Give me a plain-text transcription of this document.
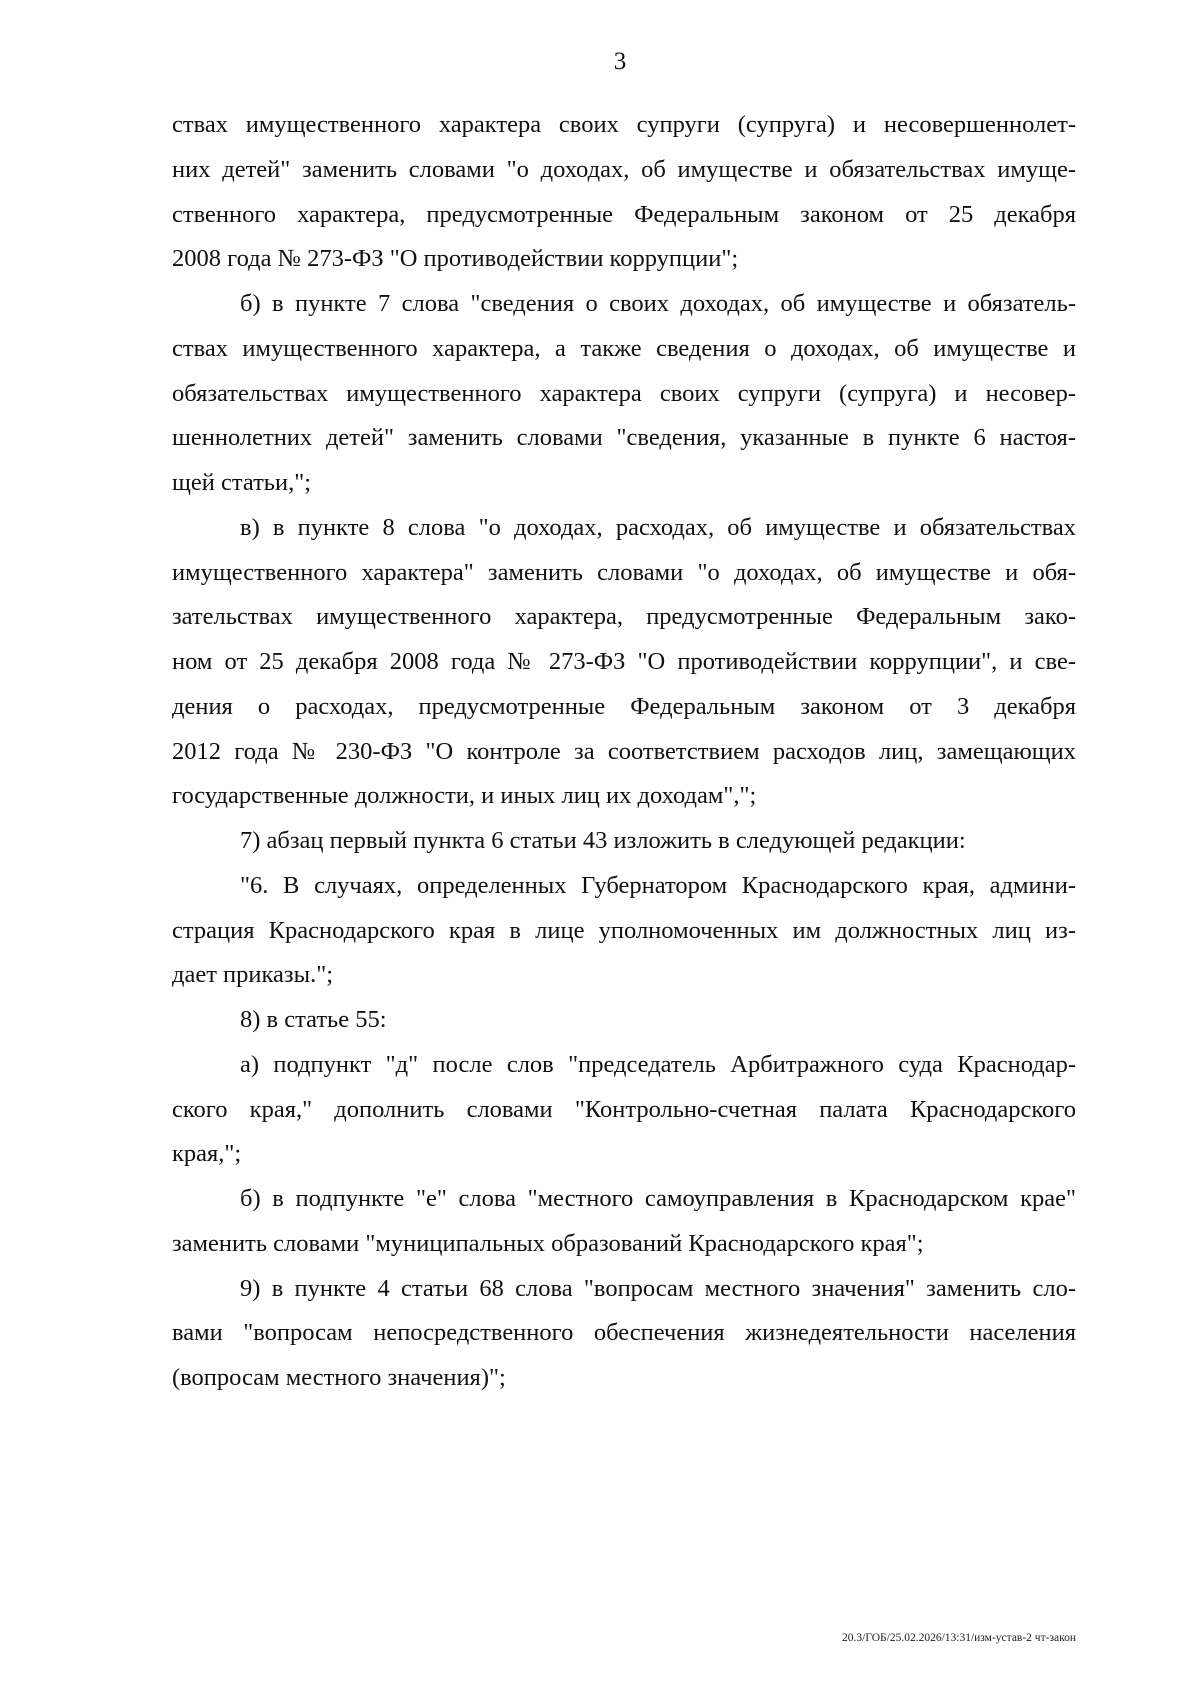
3
ствах имущественного характера своих супруги (супруга) и несовершеннолет-
них детей" заменить словами "о доходах, об имуществе и обязательствах имуще-
ственного характера, предусмотренные Федеральным законом от 25 декабря
2008 года № 273-ФЗ "О противодействии коррупции";
б) в пункте 7 слова "сведения о своих доходах, об имуществе и обязатель-
ствах имущественного характера, а также сведения о доходах, об имуществе и
обязательствах имущественного характера своих супруги (супруга) и несовер-
шеннолетних детей" заменить словами "сведения, указанные в пункте 6 настоя-
щей статьи,";
в) в пункте 8 слова "о доходах, расходах, об имуществе и обязательствах
имущественного характера" заменить словами "о доходах, об имуществе и обя-
зательствах имущественного характера, предусмотренные Федеральным зако-
ном от 25 декабря 2008 года № 273-ФЗ "О противодействии коррупции", и све-
дения о расходах, предусмотренные Федеральным законом от 3 декабря
2012 года № 230-ФЗ "О контроле за соответствием расходов лиц, замещающих
государственные должности, и иных лиц их доходам",";
7) абзац первый пункта 6 статьи 43 изложить в следующей редакции:
"6. В случаях, определенных Губернатором Краснодарского края, админи-
страция Краснодарского края в лице уполномоченных им должностных лиц из-
дает приказы.";
8) в статье 55:
а) подпункт "д" после слов "председатель Арбитражного суда Краснодар-
ского края," дополнить словами "Контрольно-счетная палата Краснодарского
края,";
б) в подпункте "е" слова "местного самоуправления в Краснодарском крае"
заменить словами "муниципальных образований Краснодарского края";
9) в пункте 4 статьи 68 слова "вопросам местного значения" заменить сло-
вами "вопросам непосредственного обеспечения жизнедеятельности населения
(вопросам местного значения)";
20.3/ГОБ/25.02.2026/13:31/изм-устав-2 чт-закон
